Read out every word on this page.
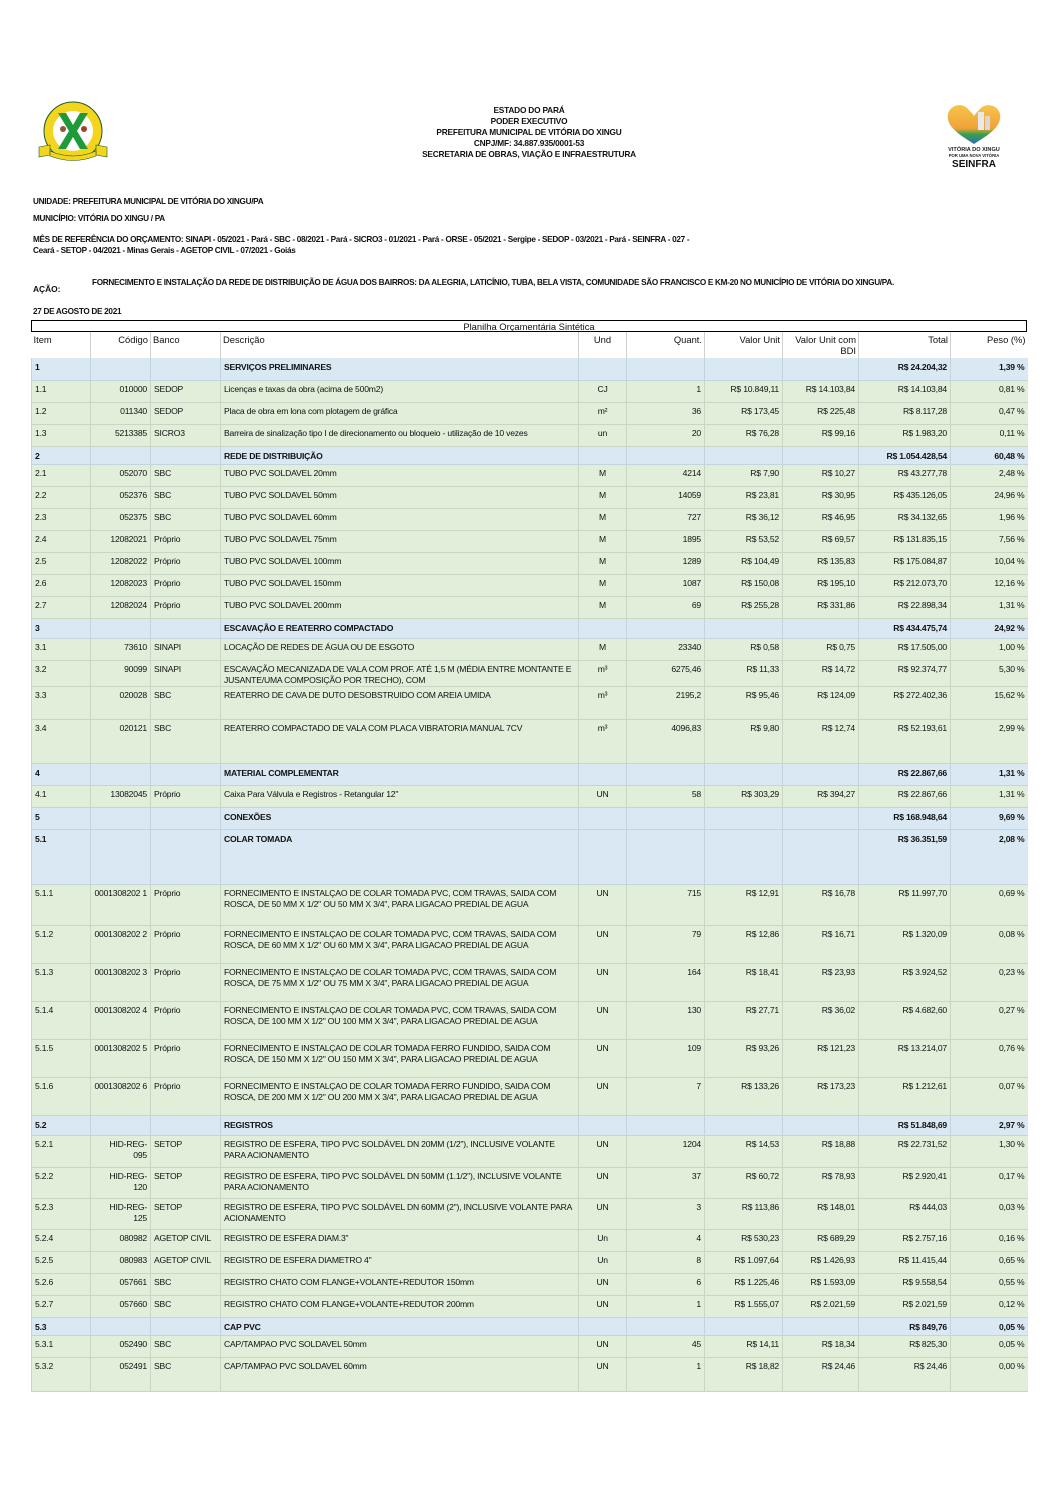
ESTADO DO PARÁ
PODER EXECUTIVO
PREFEITURA MUNICIPAL DE VITÓRIA DO XINGU
CNPJ/MF: 34.887.935/0001-53
SECRETARIA DE OBRAS, VIAÇÃO E INFRAESTRUTURA	VITÓRIA DO XINGU
POR UMA NOVA VITÓRIA
SEINFRA
UNIDADE: PREFEITURA MUNICIPAL DE VITÓRIA DO XINGU/PA
MUNICÍPIO: VITÓRIA DO XINGU / PA
MÊS DE REFERÊNCIA DO ORÇAMENTO: SINAPI - 05/2021 - Pará - SBC - 08/2021 - Pará - SICRO3 - 01/2021 - Pará - ORSE - 05/2021 - Sergipe - SEDOP - 03/2021 - Pará - SEINFRA - 027 -
Ceará - SETOP - 04/2021 - Minas Gerais - AGETOP CIVIL - 07/2021 - Goiás
AÇÃO:
FORNECIMENTO E INSTALAÇÃO DA REDE DE DISTRIBUIÇÃO DE ÁGUA DOS BAIRROS: DA ALEGRIA, LATICÍNIO, TUBA, BELA VISTA, COMUNIDADE SÃO FRANCISCO E KM-20 NO MUNICÍPIO DE VITÓRIA DO XINGU/PA.
27 DE AGOSTO DE 2021
Planilha Orçamentária Sintética
Item	Código	Banco	Descrição	Und	Quant.	Valor Unit	Valor Unit com BDI	Total	Peso (%)
1			SERVIÇOS PRELIMINARES					R$ 24.204,32	1,39 %
1.1	010000	SEDOP	Licenças e taxas da obra (acima de 500m2)	CJ	1	R$ 10.849,11	R$ 14.103,84	R$ 14.103,84	0,81 %
1.2	011340	SEDOP	Placa de obra em lona com plotagem de gráfica	m²	36	R$ 173,45	R$ 225,48	R$ 8.117,28	0,47 %
1.3	5213385	SICRO3	Barreira de sinalização tipo I de direcionamento ou bloqueio - utilização de 10 vezes	un	20	R$ 76,28	R$ 99,16	R$ 1.983,20	0,11 %
2			REDE DE DISTRIBUIÇÃO					R$ 1.054.428,54	60,48 %
2.1	052070	SBC	TUBO PVC SOLDAVEL 20mm	M	4214	R$ 7,90	R$ 10,27	R$ 43.277,78	2,48 %
2.2	052376	SBC	TUBO PVC SOLDAVEL 50mm	M	14059	R$ 23,81	R$ 30,95	R$ 435.126,05	24,96 %
2.3	052375	SBC	TUBO PVC SOLDAVEL 60mm	M	727	R$ 36,12	R$ 46,95	R$ 34.132,65	1,96 %
2.4	12082021	Próprio	TUBO PVC SOLDAVEL 75mm	M	1895	R$ 53,52	R$ 69,57	R$ 131.835,15	7,56 %
2.5	12082022	Próprio	TUBO PVC SOLDAVEL 100mm	M	1289	R$ 104,49	R$ 135,83	R$ 175.084,87	10,04 %
2.6	12082023	Próprio	TUBO PVC SOLDAVEL 150mm	M	1087	R$ 150,08	R$ 195,10	R$ 212.073,70	12,16 %
2.7	12082024	Próprio	TUBO PVC SOLDAVEL 200mm	M	69	R$ 255,28	R$ 331,86	R$ 22.898,34	1,31 %
3			ESCAVAÇÃO E REATERRO COMPACTADO					R$ 434.475,74	24,92 %
3.1	73610	SINAPI	LOCAÇÃO DE REDES DE ÁGUA OU DE ESGOTO	M	23340	R$ 0,58	R$ 0,75	R$ 17.505,00	1,00 %
3.2	90099	SINAPI	ESCAVAÇÃO MECANIZADA DE VALA COM PROF. ATÉ 1,5 M (MÉDIA ENTRE MONTANTE E JUSANTE/UMA COMPOSIÇÃO POR TRECHO), COM	m³	6275,46	R$ 11,33	R$ 14,72	R$ 92.374,77	5,30 %
3.3	020028	SBC	REATERRO DE CAVA DE DUTO DESOBSTRUIDO COM AREIA UMIDA	m³	2195,2	R$ 95,46	R$ 124,09	R$ 272.402,36	15,62 %
3.4	020121	SBC	REATERRO COMPACTADO DE VALA COM PLACA VIBRATORIA MANUAL 7CV	m³	4096,83	R$ 9,80	R$ 12,74	R$ 52.193,61	2,99 %
4			MATERIAL COMPLEMENTAR					R$ 22.867,66	1,31 %
4.1	13082045	Próprio	Caixa Para Válvula e Registros - Retangular 12"	UN	58	R$ 303,29	R$ 394,27	R$ 22.867,66	1,31 %
5			CONEXÕES					R$ 168.948,64	9,69 %
5.1			COLAR TOMADA					R$ 36.351,59	2,08 %
5.1.1	0001308202 1	Próprio	FORNECIMENTO E INSTALÇAO DE COLAR TOMADA PVC, COM TRAVAS, SAIDA COM ROSCA, DE 50 MM X 1/2" OU 50 MM X 3/4", PARA LIGACAO PREDIAL DE AGUA	UN	715	R$ 12,91	R$ 16,78	R$ 11.997,70	0,69 %
5.1.2	0001308202 2	Próprio	FORNECIMENTO E INSTALÇAO DE COLAR TOMADA PVC, COM TRAVAS, SAIDA COM ROSCA, DE 60 MM X 1/2" OU 60 MM X 3/4", PARA LIGACAO PREDIAL DE AGUA	UN	79	R$ 12,86	R$ 16,71	R$ 1.320,09	0,08 %
5.1.3	0001308202 3	Próprio	FORNECIMENTO E INSTALÇAO DE COLAR TOMADA PVC, COM TRAVAS, SAIDA COM ROSCA, DE 75 MM X 1/2" OU 75 MM X 3/4", PARA LIGACAO PREDIAL DE AGUA	UN	164	R$ 18,41	R$ 23,93	R$ 3.924,52	0,23 %
5.1.4	0001308202 4	Próprio	FORNECIMENTO E INSTALÇAO DE COLAR TOMADA PVC, COM TRAVAS, SAIDA COM ROSCA, DE 100 MM X 1/2" OU 100 MM X 3/4", PARA LIGACAO PREDIAL DE AGUA	UN	130	R$ 27,71	R$ 36,02	R$ 4.682,60	0,27 %
5.1.5	0001308202 5	Próprio	FORNECIMENTO E INSTALÇAO DE COLAR TOMADA FERRO FUNDIDO, SAIDA COM ROSCA, DE 150 MM X 1/2" OU 150 MM X 3/4", PARA LIGACAO PREDIAL DE AGUA	UN	109	R$ 93,26	R$ 121,23	R$ 13.214,07	0,76 %
5.1.6	0001308202 6	Próprio	FORNECIMENTO E INSTALÇAO DE COLAR TOMADA FERRO FUNDIDO, SAIDA COM ROSCA, DE 200 MM X 1/2" OU 200 MM X 3/4", PARA LIGACAO PREDIAL DE AGUA	UN	7	R$ 133,26	R$ 173,23	R$ 1.212,61	0,07 %
5.2			REGISTROS					R$ 51.848,69	2,97 %
5.2.1	HID-REG- 095	SETOP	REGISTRO DE ESFERA, TIPO PVC SOLDÁVEL DN 20MM (1/2"), INCLUSIVE VOLANTE PARA ACIONAMENTO	UN	1204	R$ 14,53	R$ 18,88	R$ 22.731,52	1,30 %
5.2.2	HID-REG- 120	SETOP	REGISTRO DE ESFERA, TIPO PVC SOLDÁVEL DN 50MM (1.1/2"), INCLUSIVE VOLANTE PARA ACIONAMENTO	UN	37	R$ 60,72	R$ 78,93	R$ 2.920,41	0,17 %
5.2.3	HID-REG- 125	SETOP	REGISTRO DE ESFERA, TIPO PVC SOLDÁVEL DN 60MM (2"), INCLUSIVE VOLANTE PARA ACIONAMENTO	UN	3	R$ 113,86	R$ 148,01	R$ 444,03	0,03 %
5.2.4	080982	AGETOP CIVIL	REGISTRO DE ESFERA DIAM.3"	Un	4	R$ 530,23	R$ 689,29	R$ 2.757,16	0,16 %
5.2.5	080983	AGETOP CIVIL	REGISTRO DE ESFERA DIAMETRO 4"	Un	8	R$ 1.097,64	R$ 1.426,93	R$ 11.415,44	0,65 %
5.2.6	057661	SBC	REGISTRO CHATO COM FLANGE+VOLANTE+REDUTOR 150mm	UN	6	R$ 1.225,46	R$ 1.593,09	R$ 9.558,54	0,55 %
5.2.7	057660	SBC	REGISTRO CHATO COM FLANGE+VOLANTE+REDUTOR 200mm	UN	1	R$ 1.555,07	R$ 2.021,59	R$ 2.021,59	0,12 %
5.3			CAP PVC					R$ 849,76	0,05 %
5.3.1	052490	SBC	CAP/TAMPAO PVC SOLDAVEL 50mm	UN	45	R$ 14,11	R$ 18,34	R$ 825,30	0,05 %
5.3.2	052491	SBC	CAP/TAMPAO PVC SOLDAVEL 60mm	UN	1	R$ 18,82	R$ 24,46	R$ 24,46	0,00 %
